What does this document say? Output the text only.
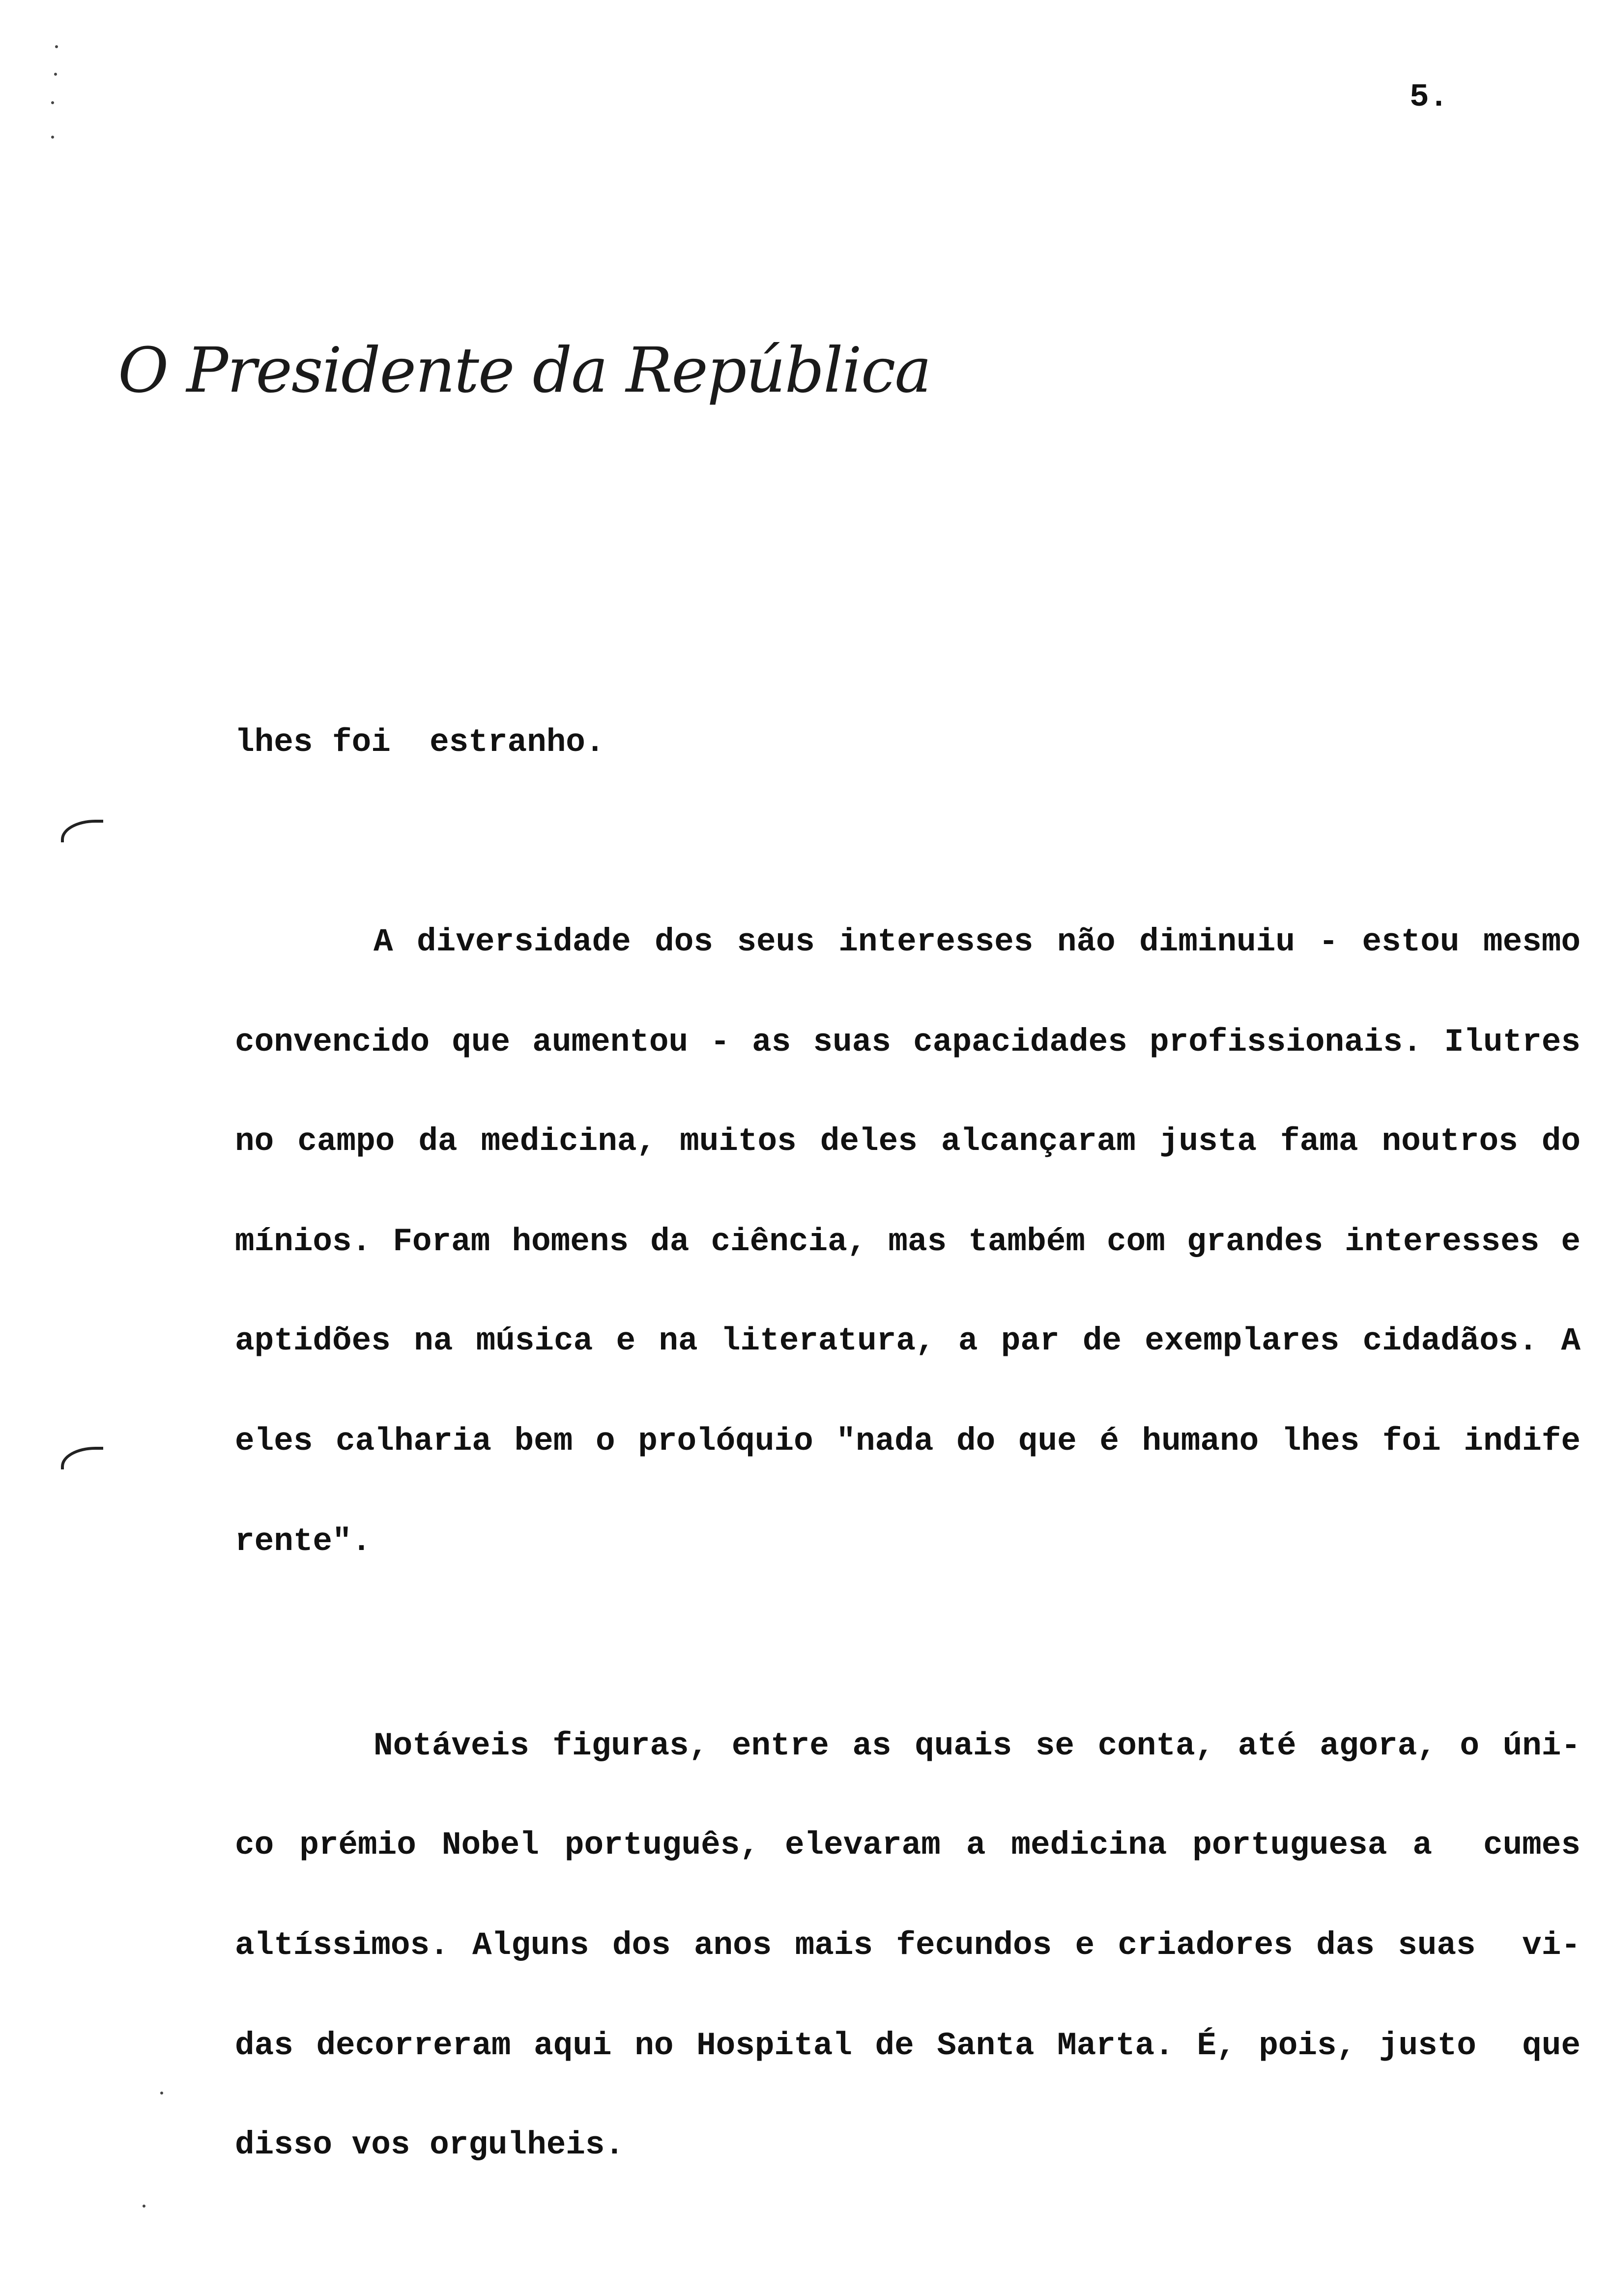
5.
O Presidente da República
lhes foi  estranho.
A diversidade dos seus interesses não diminuiu - estou mesmo
convencido que aumentou - as suas capacidades profissionais. Ilutres
no campo da medicina, muitos deles alcançaram justa fama noutros do
mínios. Foram homens da ciência, mas também com grandes interesses e
aptidões na música e na literatura, a par de exemplares cidadãos. A
eles calharia bem o prolóquio "nada do que é humano lhes foi indife
rente".
Notáveis figuras, entre as quais se conta, até agora, o úni-
co prémio Nobel português, elevaram a medicina portuguesa a  cumes
altíssimos. Alguns dos anos mais fecundos e criadores das suas  vi-
das decorreram aqui no Hospital de Santa Marta. É, pois, justo  que
disso vos orgulheis.
